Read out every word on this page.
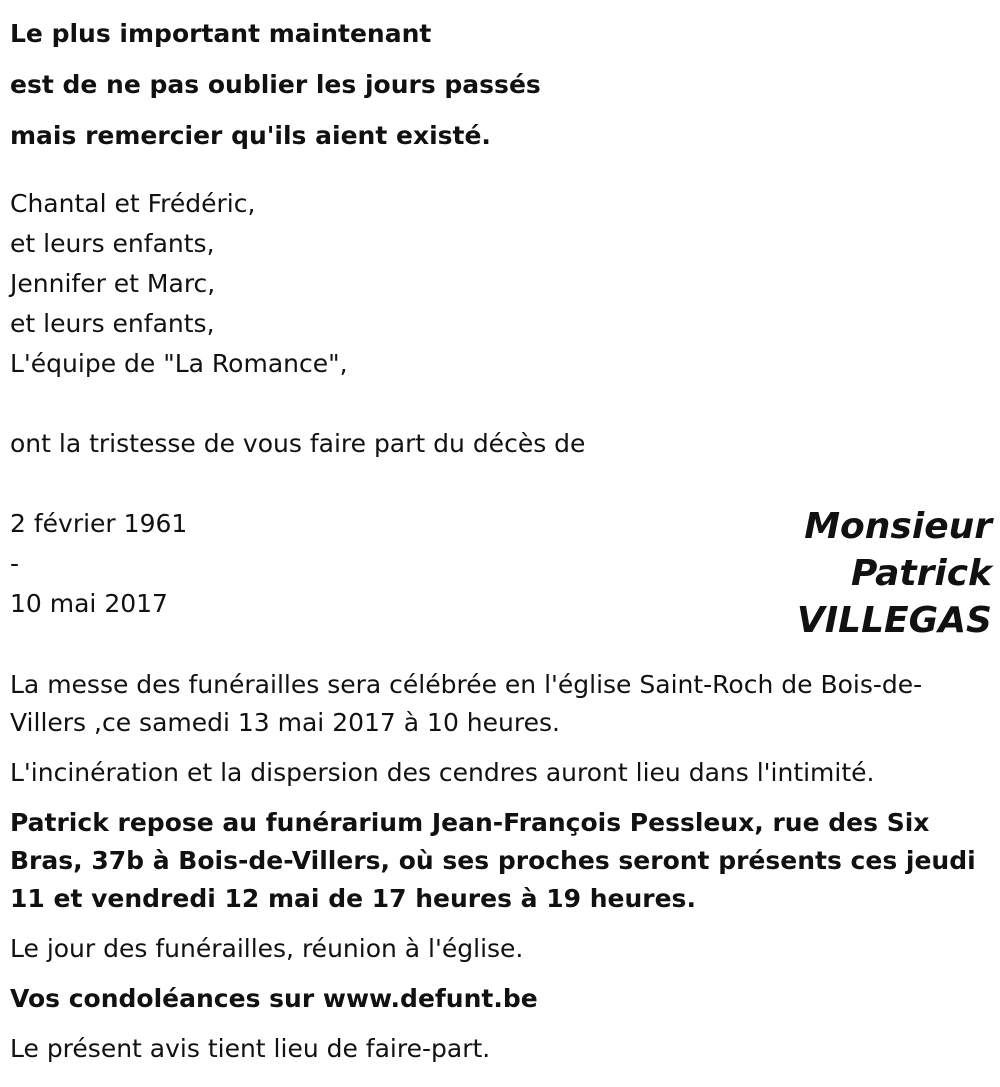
Le plus important maintenant
est de ne pas oublier les jours passés
mais remercier qu'ils aient existé.
Chantal et Frédéric,
et leurs enfants,
Jennifer et Marc,
et leurs enfants,
L'équipe de "La Romance",
ont la tristesse de vous faire part du décès de
2 février 1961
-
10 mai 2017
Monsieur
Patrick
VILLEGAS

La messe des funérailles sera célébrée en l'église Saint-Roch de Bois-de-Villers ,ce samedi 13 mai 2017 à 10 heures.

L'incinération et la dispersion des cendres auront lieu dans l'intimité.

Patrick repose au funérarium Jean-François Pessleux, rue des Six Bras, 37b à Bois-de-Villers, où ses proches seront présents ces jeudi 11 et vendredi 12 mai de 17 heures à 19 heures.

Le jour des funérailles, réunion à l'église.

Vos condoléances sur www.defunt.be

Le présent avis tient lieu de faire-part.
